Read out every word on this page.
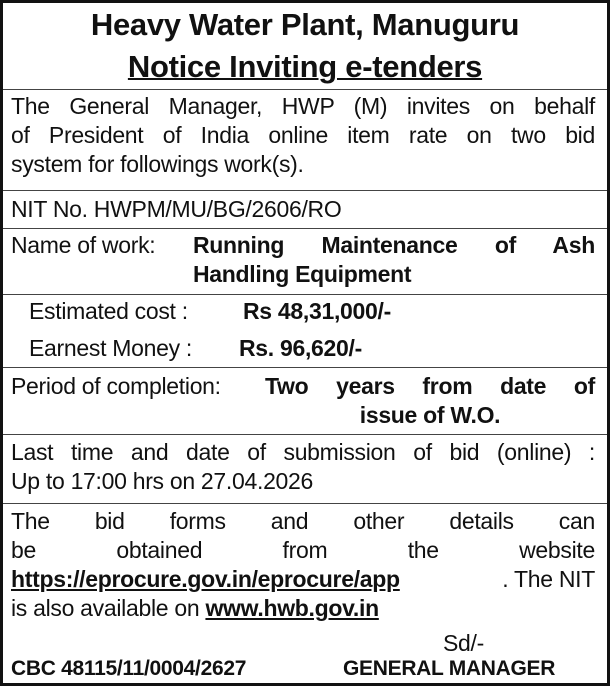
Heavy Water Plant, Manuguru
Notice Inviting e-tenders
The General Manager, HWP (M) invites on behalf
of President of India online item rate on two bid
system for followings work(s).
NIT No. HWPM/MU/BG/2606/RO
Name of work:	Running Maintenance of Ash
Handling Equipment
Estimated cost :	Rs 48,31,000/-
Earnest Money :	Rs. 96,620/-
Period of completion:	Two years from date of
issue of W.O.
Last time and date of submission of bid (online) :
Up to 17:00 hrs on 27.04.2026
The bid forms and other details can
be obtained from the website
https://eprocure.gov.in/eprocure/app	. The NIT
is also available on www.hwb.gov.in
Sd/-
CBC 48115/11/0004/2627	GENERAL MANAGER
